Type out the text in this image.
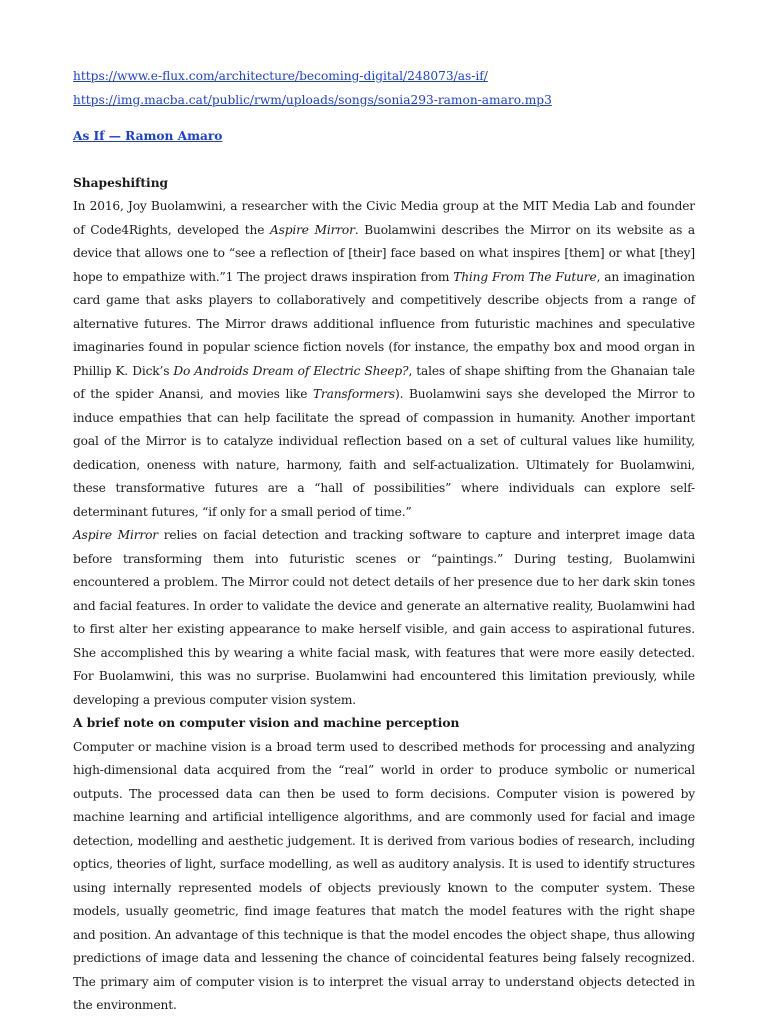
https://www.e-flux.com/architecture/becoming-digital/248073/as-if/
https://img.macba.cat/public/rwm/uploads/songs/sonia293-ramon-amaro.mp3
As If — Ramon Amaro
Shapeshifting

In 2016, Joy Buolamwini, a researcher with the Civic Media group at the MIT Media Lab and founder of Code4Rights, developed the Aspire Mirror. Buolamwini describes the Mirror on its website as a device that allows one to “see a reflection of [their] face based on what inspires [them] or what [they] hope to empathize with.”1 The project draws inspiration from Thing From The Future, an imagination card game that asks players to collaboratively and competitively describe objects from a range of alternative futures. The Mirror draws additional influence from futuristic machines and speculative imaginaries found in popular science fiction novels (for instance, the empathy box and mood organ in Phillip K. Dick’s Do Androids Dream of Electric Sheep?, tales of shape shifting from the Ghanaian tale of the spider Anansi, and movies like Transformers). Buolamwini says she developed the Mirror to induce empathies that can help facilitate the spread of compassion in humanity. Another important goal of the Mirror is to catalyze individual reflection based on a set of cultural values like humility, dedication, oneness with nature, harmony, faith and self-actualization. Ultimately for Buolamwini, these transformative futures are a “hall of possibilities” where individuals can explore self-determinant futures, “if only for a small period of time.”

Aspire Mirror relies on facial detection and tracking software to capture and interpret image data before transforming them into futuristic scenes or “paintings.” During testing, Buolamwini encountered a problem. The Mirror could not detect details of her presence due to her dark skin tones and facial features. In order to validate the device and generate an alternative reality, Buolamwini had to first alter her existing appearance to make herself visible, and gain access to aspirational futures. She accomplished this by wearing a white facial mask, with features that were more easily detected. For Buolamwini, this was no surprise. Buolamwini had encountered this limitation previously, while developing a previous computer vision system.

A brief note on computer vision and machine perception

Computer or machine vision is a broad term used to described methods for processing and analyzing high-dimensional data acquired from the “real” world in order to produce symbolic or numerical outputs. The processed data can then be used to form decisions. Computer vision is powered by machine learning and artificial intelligence algorithms, and are commonly used for facial and image detection, modelling and aesthetic judgement. It is derived from various bodies of research, including optics, theories of light, surface modelling, as well as auditory analysis. It is used to identify structures using internally represented models of objects previously known to the computer system. These models, usually geometric, find image features that match the model features with the right shape and position. An advantage of this technique is that the model encodes the object shape, thus allowing predictions of image data and lessening the chance of coincidental features being falsely recognized. The primary aim of computer vision is to interpret the visual array to understand objects detected in the environment.
